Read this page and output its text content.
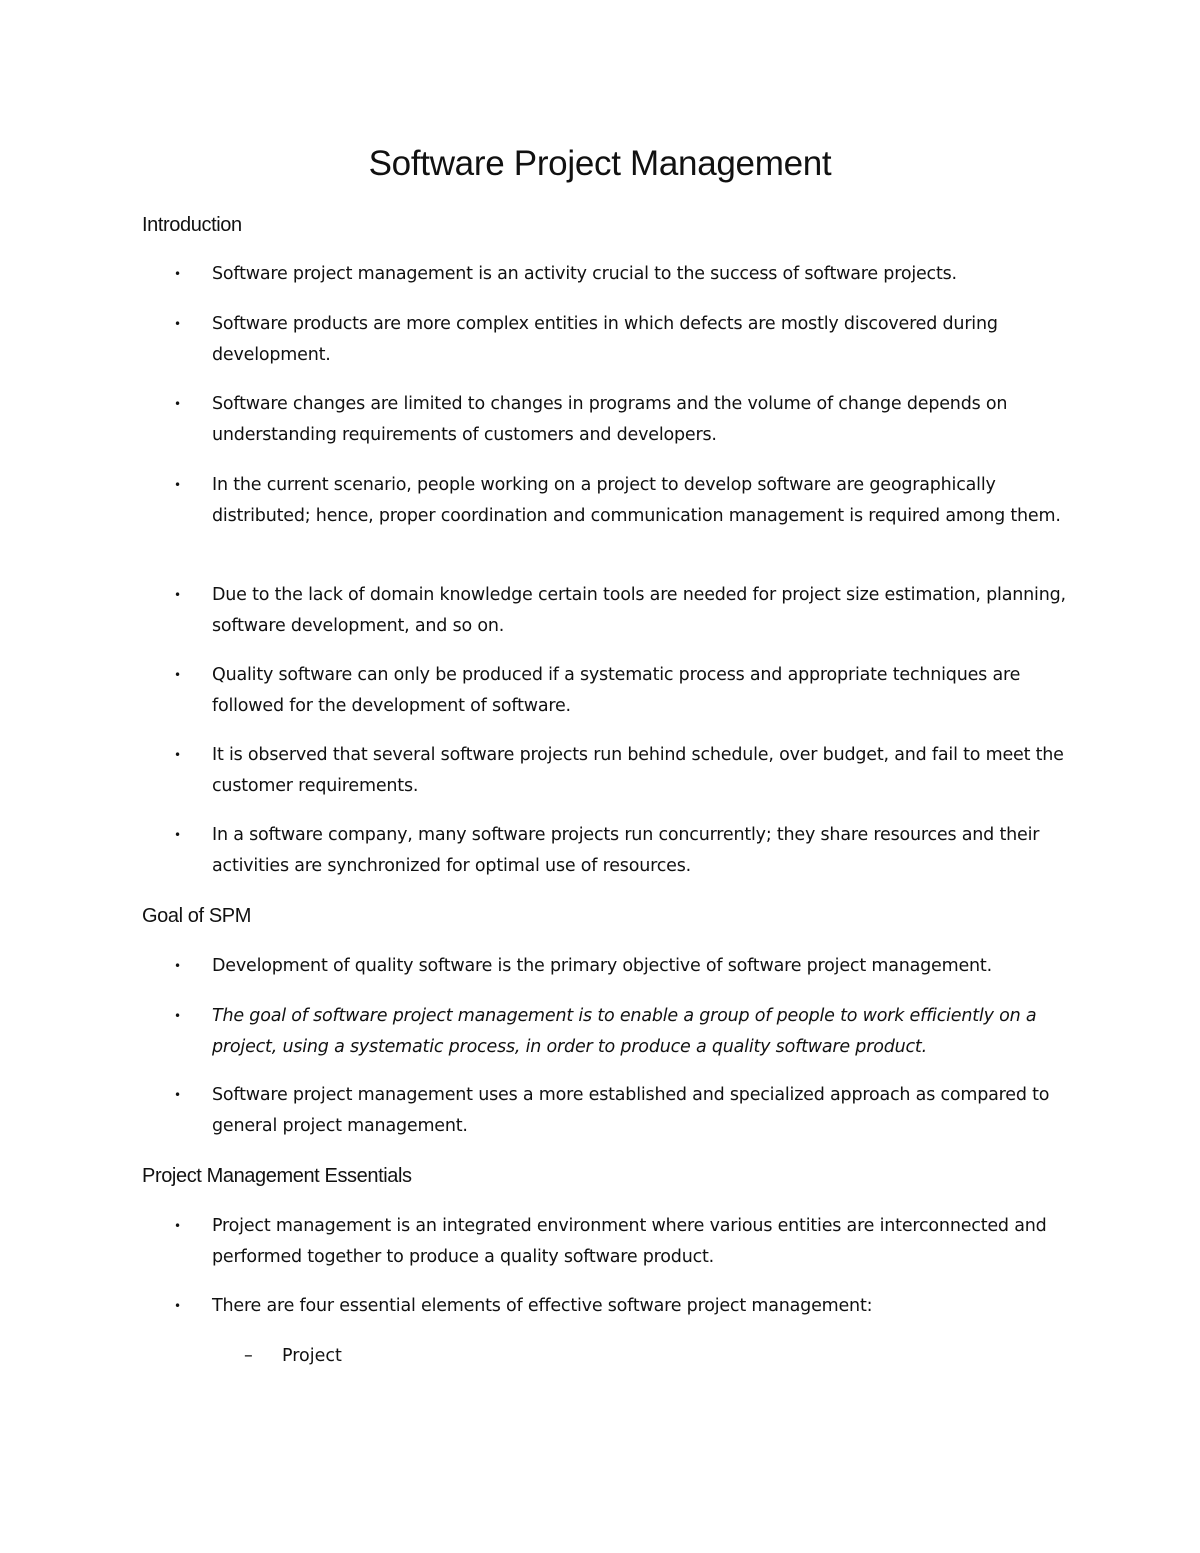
Software Project Management
Introduction
• Software project management is an activity crucial to the success of software projects.
• Software products are more complex entities in which defects are mostly discovered during development.
• Software changes are limited to changes in programs and the volume of change depends on understanding requirements of customers and developers.
• In the current scenario, people working on a project to develop software are geographically distributed; hence, proper coordination and communication management is required among them.
• Due to the lack of domain knowledge certain tools are needed for project size estimation, planning, software development, and so on.
• Quality software can only be produced if a systematic process and appropriate techniques are followed for the development of software.
• It is observed that several software projects run behind schedule, over budget, and fail to meet the customer requirements.
• In a software company, many software projects run concurrently; they share resources and their activities are synchronized for optimal use of resources.
Goal of SPM
• Development of quality software is the primary objective of software project management.
• The goal of software project management is to enable a group of people to work efficiently on a project, using a systematic process, in order to produce a quality software product.
• Software project management uses a more established and specialized approach as compared to general project management.
Project Management Essentials
• Project management is an integrated environment where various entities are interconnected and performed together to produce a quality software product.
• There are four essential elements of effective software project management:
– Project
